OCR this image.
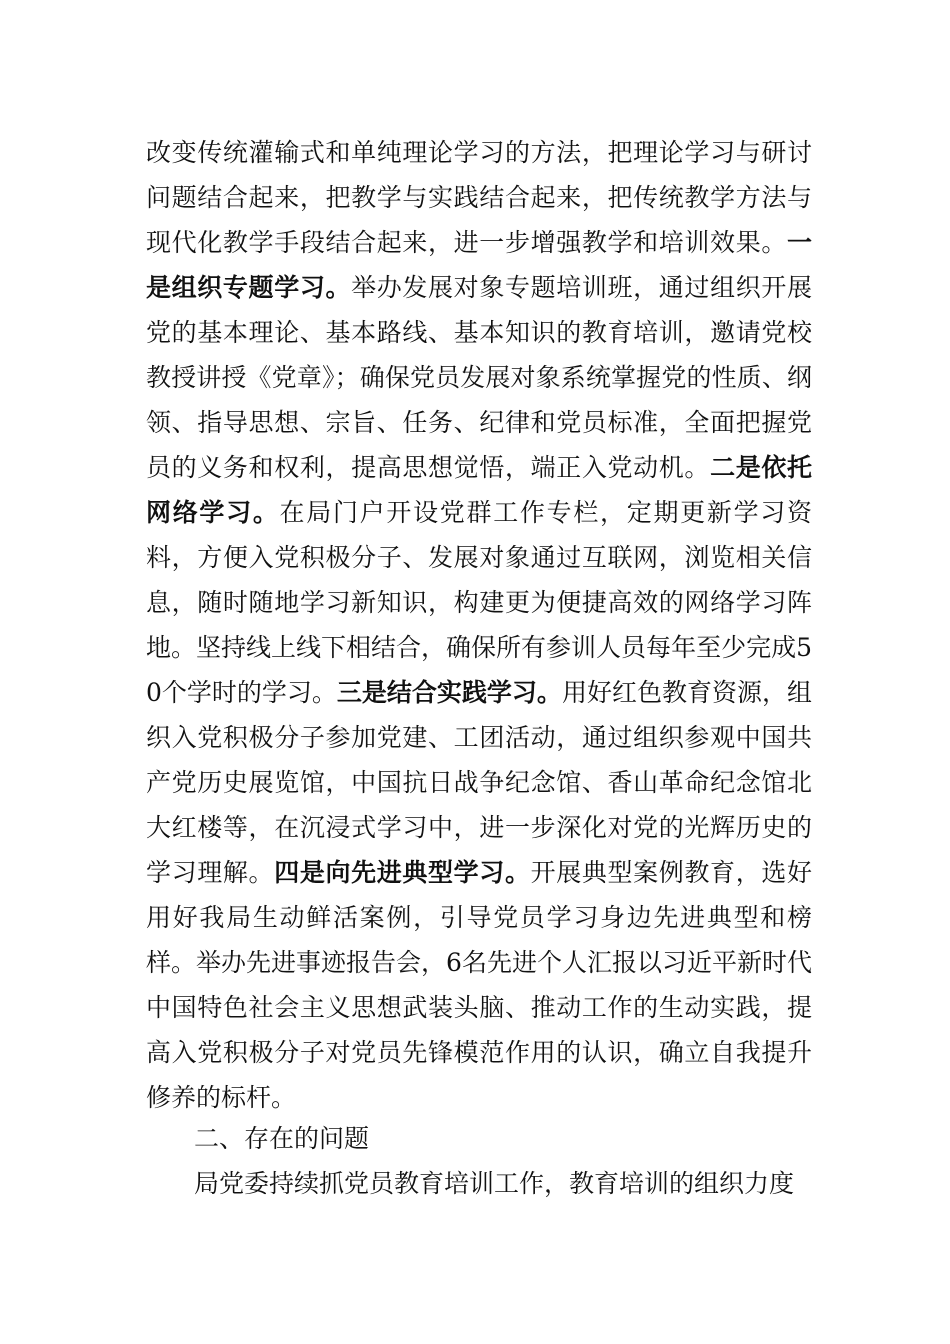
改变传统灌输式和单纯理论学习的方法，把理论学习与研讨问题结合起来，把教学与实践结合起来，把传统教学方法与现代化教学手段结合起来，进一步增强教学和培训效果。一是组织专题学习。举办发展对象专题培训班，通过组织开展党的基本理论、基本路线、基本知识的教育培训，邀请党校教授讲授《党章》；确保党员发展对象系统掌握党的性质、纲领、指导思想、宗旨、任务、纪律和党员标准，全面把握党员的义务和权利，提高思想觉悟，端正入党动机。二是依托网络学习。在局门户开设党群工作专栏，定期更新学习资料，方便入党积极分子、发展对象通过互联网，浏览相关信息，随时随地学习新知识，构建更为便捷高效的网络学习阵地。坚持线上线下相结合，确保所有参训人员每年至少完成50个学时的学习。三是结合实践学习。用好红色教育资源，组织入党积极分子参加党建、工团活动，通过组织参观中国共产党历史展览馆，中国抗日战争纪念馆、香山革命纪念馆北大红楼等，在沉浸式学习中，进一步深化对党的光辉历史的学习理解。四是向先进典型学习。开展典型案例教育，选好用好我局生动鲜活案例，引导党员学习身边先进典型和榜样。举办先进事迹报告会，6名先进个人汇报以习近平新时代中国特色社会主义思想武装头脑、推动工作的生动实践，提高入党积极分子对党员先锋模范作用的认识，确立自我提升修养的标杆。

二、存在的问题

局党委持续抓党员教育培训工作，教育培训的组织力度
